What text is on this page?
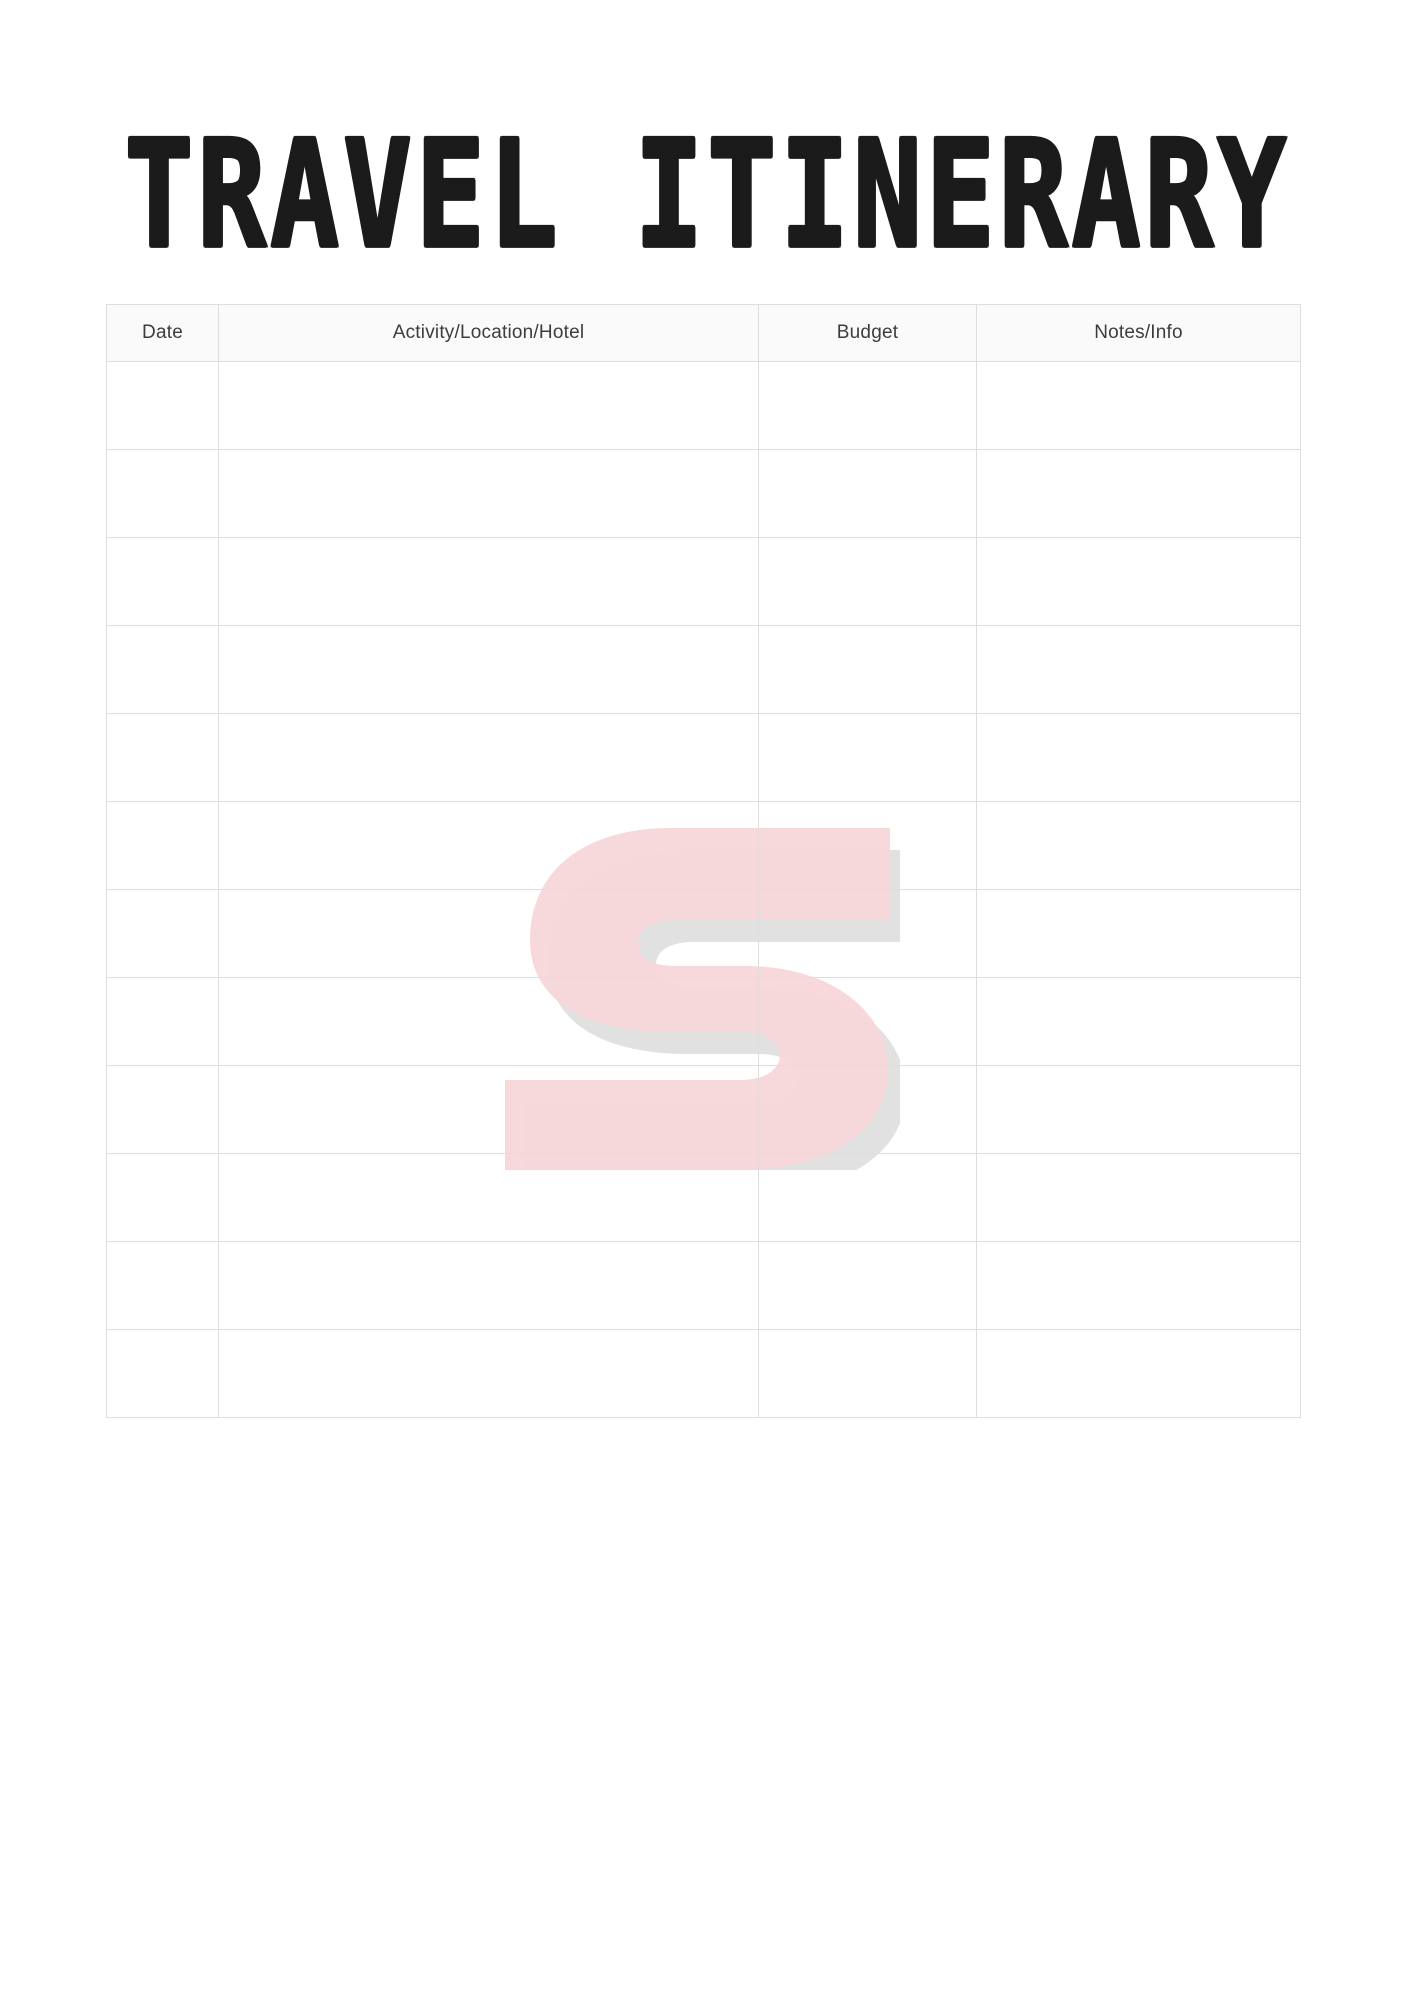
TRAVEL ITINERARY
Date	Activity/Location/Hotel	Budget	Notes/Info
